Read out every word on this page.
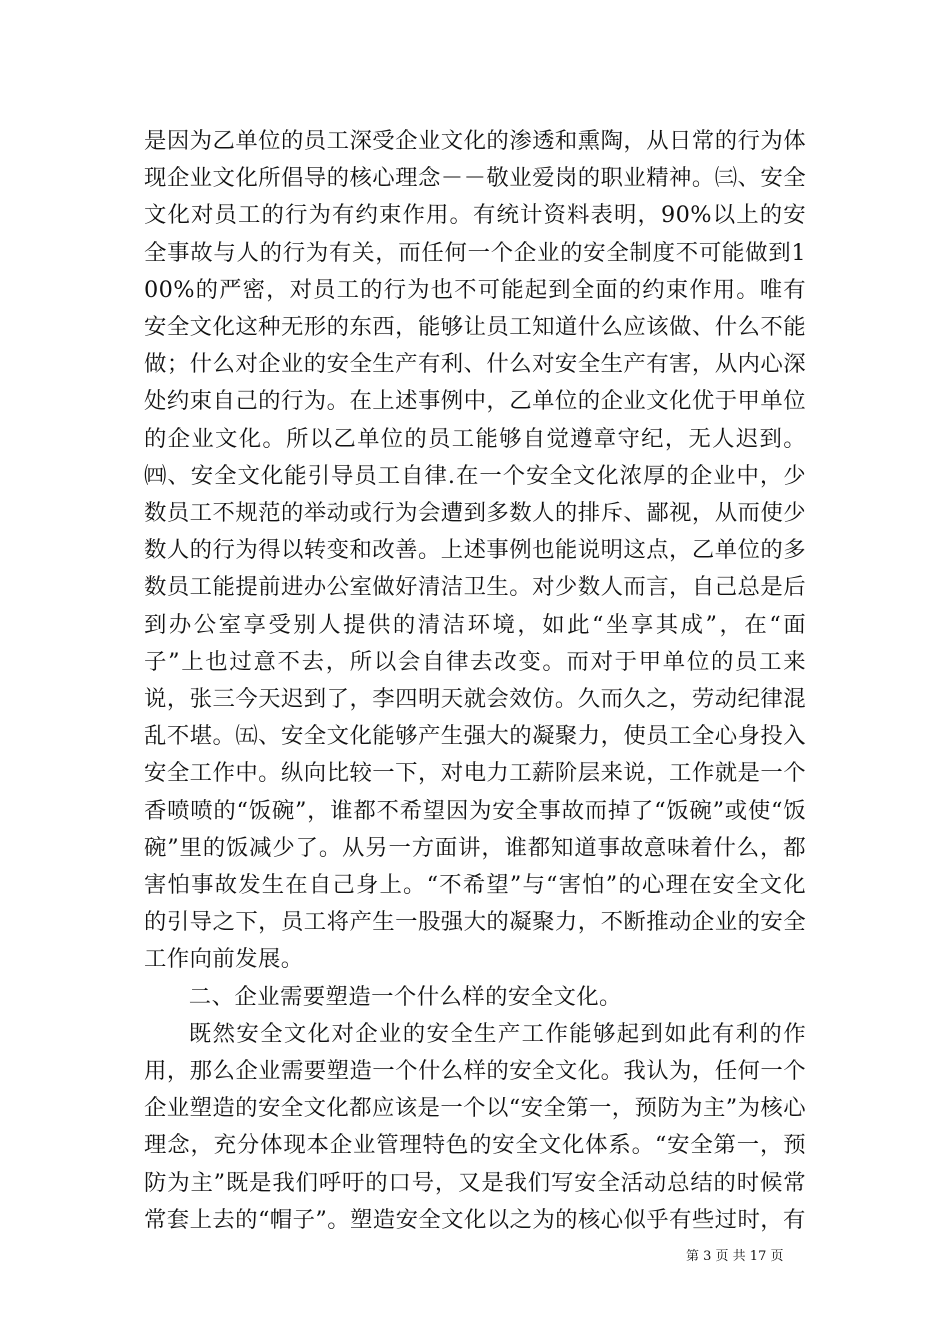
是因为乙单位的员工深受企业文化的渗透和熏陶，从日常的行为体现企业文化所倡导的核心理念－－敬业爱岗的职业精神。㈢、安全文化对员工的行为有约束作用。有统计资料表明，90%以上的安全事故与人的行为有关，而任何一个企业的安全制度不可能做到100%的严密，对员工的行为也不可能起到全面的约束作用。唯有安全文化这种无形的东西，能够让员工知道什么应该做、什么不能做；什么对企业的安全生产有利、什么对安全生产有害，从内心深处约束自己的行为。在上述事例中，乙单位的企业文化优于甲单位的企业文化。所以乙单位的员工能够自觉遵章守纪，无人迟到。㈣、安全文化能引导员工自律.在一个安全文化浓厚的企业中，少数员工不规范的举动或行为会遭到多数人的排斥、鄙视，从而使少数人的行为得以转变和改善。上述事例也能说明这点，乙单位的多数员工能提前进办公室做好清洁卫生。对少数人而言，自己总是后到办公室享受别人提供的清洁环境，如此“坐享其成”，在“面子”上也过意不去，所以会自律去改变。而对于甲单位的员工来说，张三今天迟到了，李四明天就会效仿。久而久之，劳动纪律混乱不堪。㈤、安全文化能够产生强大的凝聚力，使员工全心身投入安全工作中。纵向比较一下，对电力工薪阶层来说，工作就是一个香喷喷的“饭碗”，谁都不希望因为安全事故而掉了“饭碗”或使“饭碗”里的饭减少了。从另一方面讲，谁都知道事故意味着什么，都害怕事故发生在自己身上。“不希望”与“害怕”的心理在安全文化的引导之下，员工将产生一股强大的凝聚力，不断推动企业的安全工作向前发展。

二、企业需要塑造一个什么样的安全文化。

既然安全文化对企业的安全生产工作能够起到如此有利的作用，那么企业需要塑造一个什么样的安全文化。我认为，任何一个企业塑造的安全文化都应该是一个以“安全第一，预防为主”为核心理念，充分体现本企业管理特色的安全文化体系。“安全第一，预防为主”既是我们呼吁的口号，又是我们写安全活动总结的时候常常套上去的“帽子”。塑造安全文化以之为的核心似乎有些过时，有

第 3 页 共 17 页
